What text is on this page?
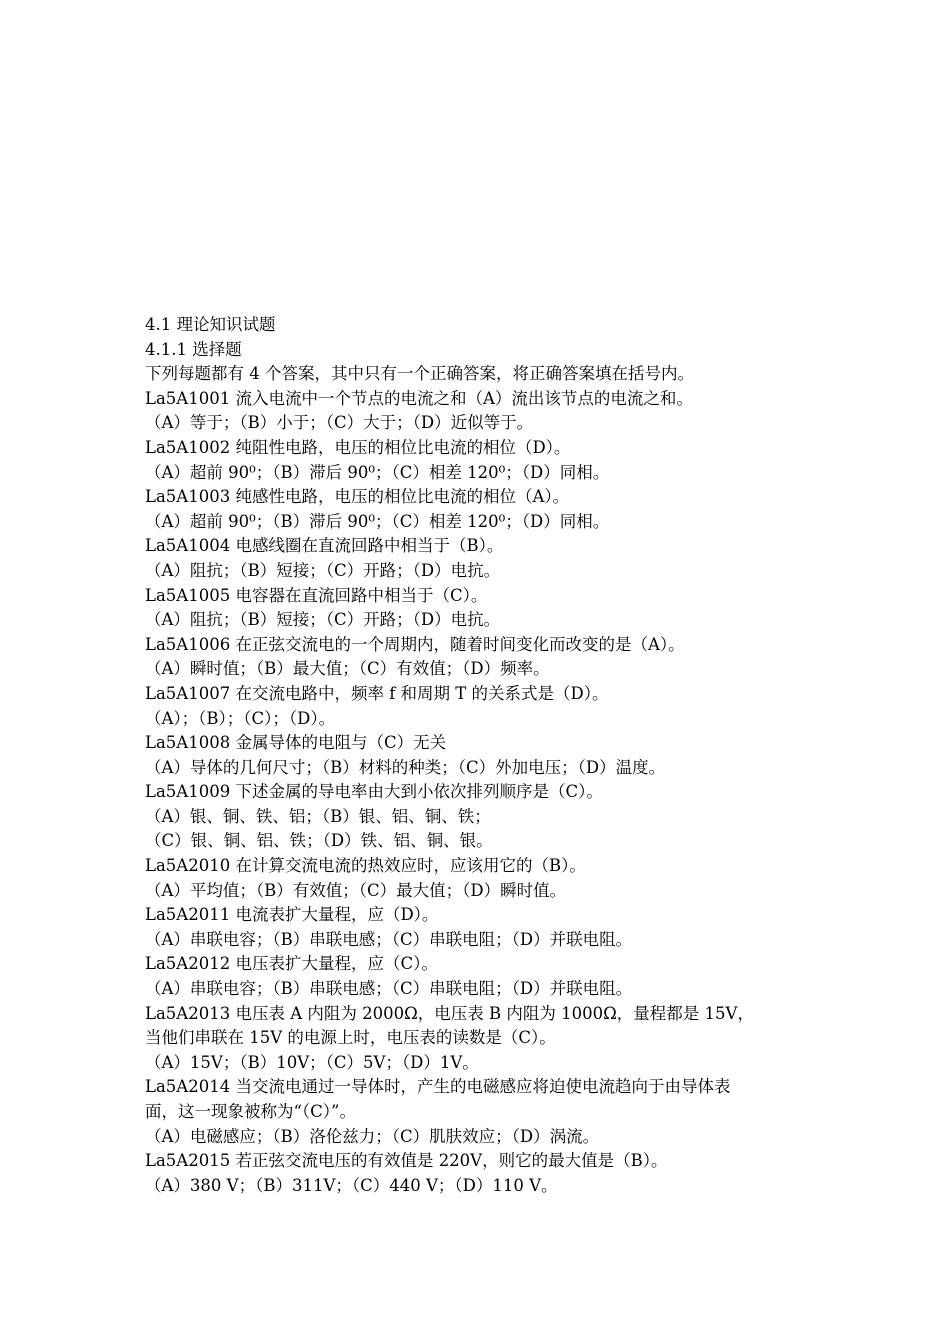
4.1 理论知识试题
4.1.1 选择题
下列每题都有 4 个答案，其中只有一个正确答案，将正确答案填在括号内。
La5A1001 流入电流中一个节点的电流之和（A）流出该节点的电流之和。
（A）等于；（B）小于；（C）大于；（D）近似等于。
La5A1002 纯阻性电路，电压的相位比电流的相位（D）。
（A）超前 90⁰；（B）滞后 90⁰；（C）相差 120⁰；（D）同相。
La5A1003 纯感性电路，电压的相位比电流的相位（A）。
（A）超前 90⁰；（B）滞后 90⁰；（C）相差 120⁰；（D）同相。
La5A1004 电感线圈在直流回路中相当于（B）。
（A）阻抗；（B）短接；（C）开路；（D）电抗。
La5A1005 电容器在直流回路中相当于（C）。
（A）阻抗；（B）短接；（C）开路；（D）电抗。
La5A1006 在正弦交流电的一个周期内，随着时间变化而改变的是（A）。
（A）瞬时值；（B）最大值；（C）有效值；（D）频率。
La5A1007 在交流电路中，频率 f 和周期 T 的关系式是（D）。
（A）；（B）；（C）；（D）。
La5A1008 金属导体的电阻与（C）无关
（A）导体的几何尺寸；（B）材料的种类；（C）外加电压；（D）温度。
La5A1009 下述金属的导电率由大到小依次排列顺序是（C）。
（A）银、铜、铁、铝；（B）银、铝、铜、铁；
（C）银、铜、铝、铁；（D）铁、铝、铜、银。
La5A2010 在计算交流电流的热效应时，应该用它的（B）。
（A）平均值；（B）有效值；（C）最大值；（D）瞬时值。
La5A2011 电流表扩大量程，应（D）。
（A）串联电容；（B）串联电感；（C）串联电阻；（D）并联电阻。
La5A2012 电压表扩大量程，应（C）。
（A）串联电容；（B）串联电感；（C）串联电阻；（D）并联电阻。
La5A2013 电压表 A 内阻为 2000Ω，电压表 B 内阻为 1000Ω，量程都是 15V，
当他们串联在 15V 的电源上时，电压表的读数是（C）。
（A）15V；（B）10V；（C）5V；（D）1V。
La5A2014 当交流电通过一导体时，产生的电磁感应将迫使电流趋向于由导体表
面，这一现象被称为“（C）”。
（A）电磁感应；（B）洛伦兹力；（C）肌肤效应；（D）涡流。
La5A2015 若正弦交流电压的有效值是 220V，则它的最大值是（B）。
（A）380 V；（B）311V；（C）440 V；（D）110 V。
